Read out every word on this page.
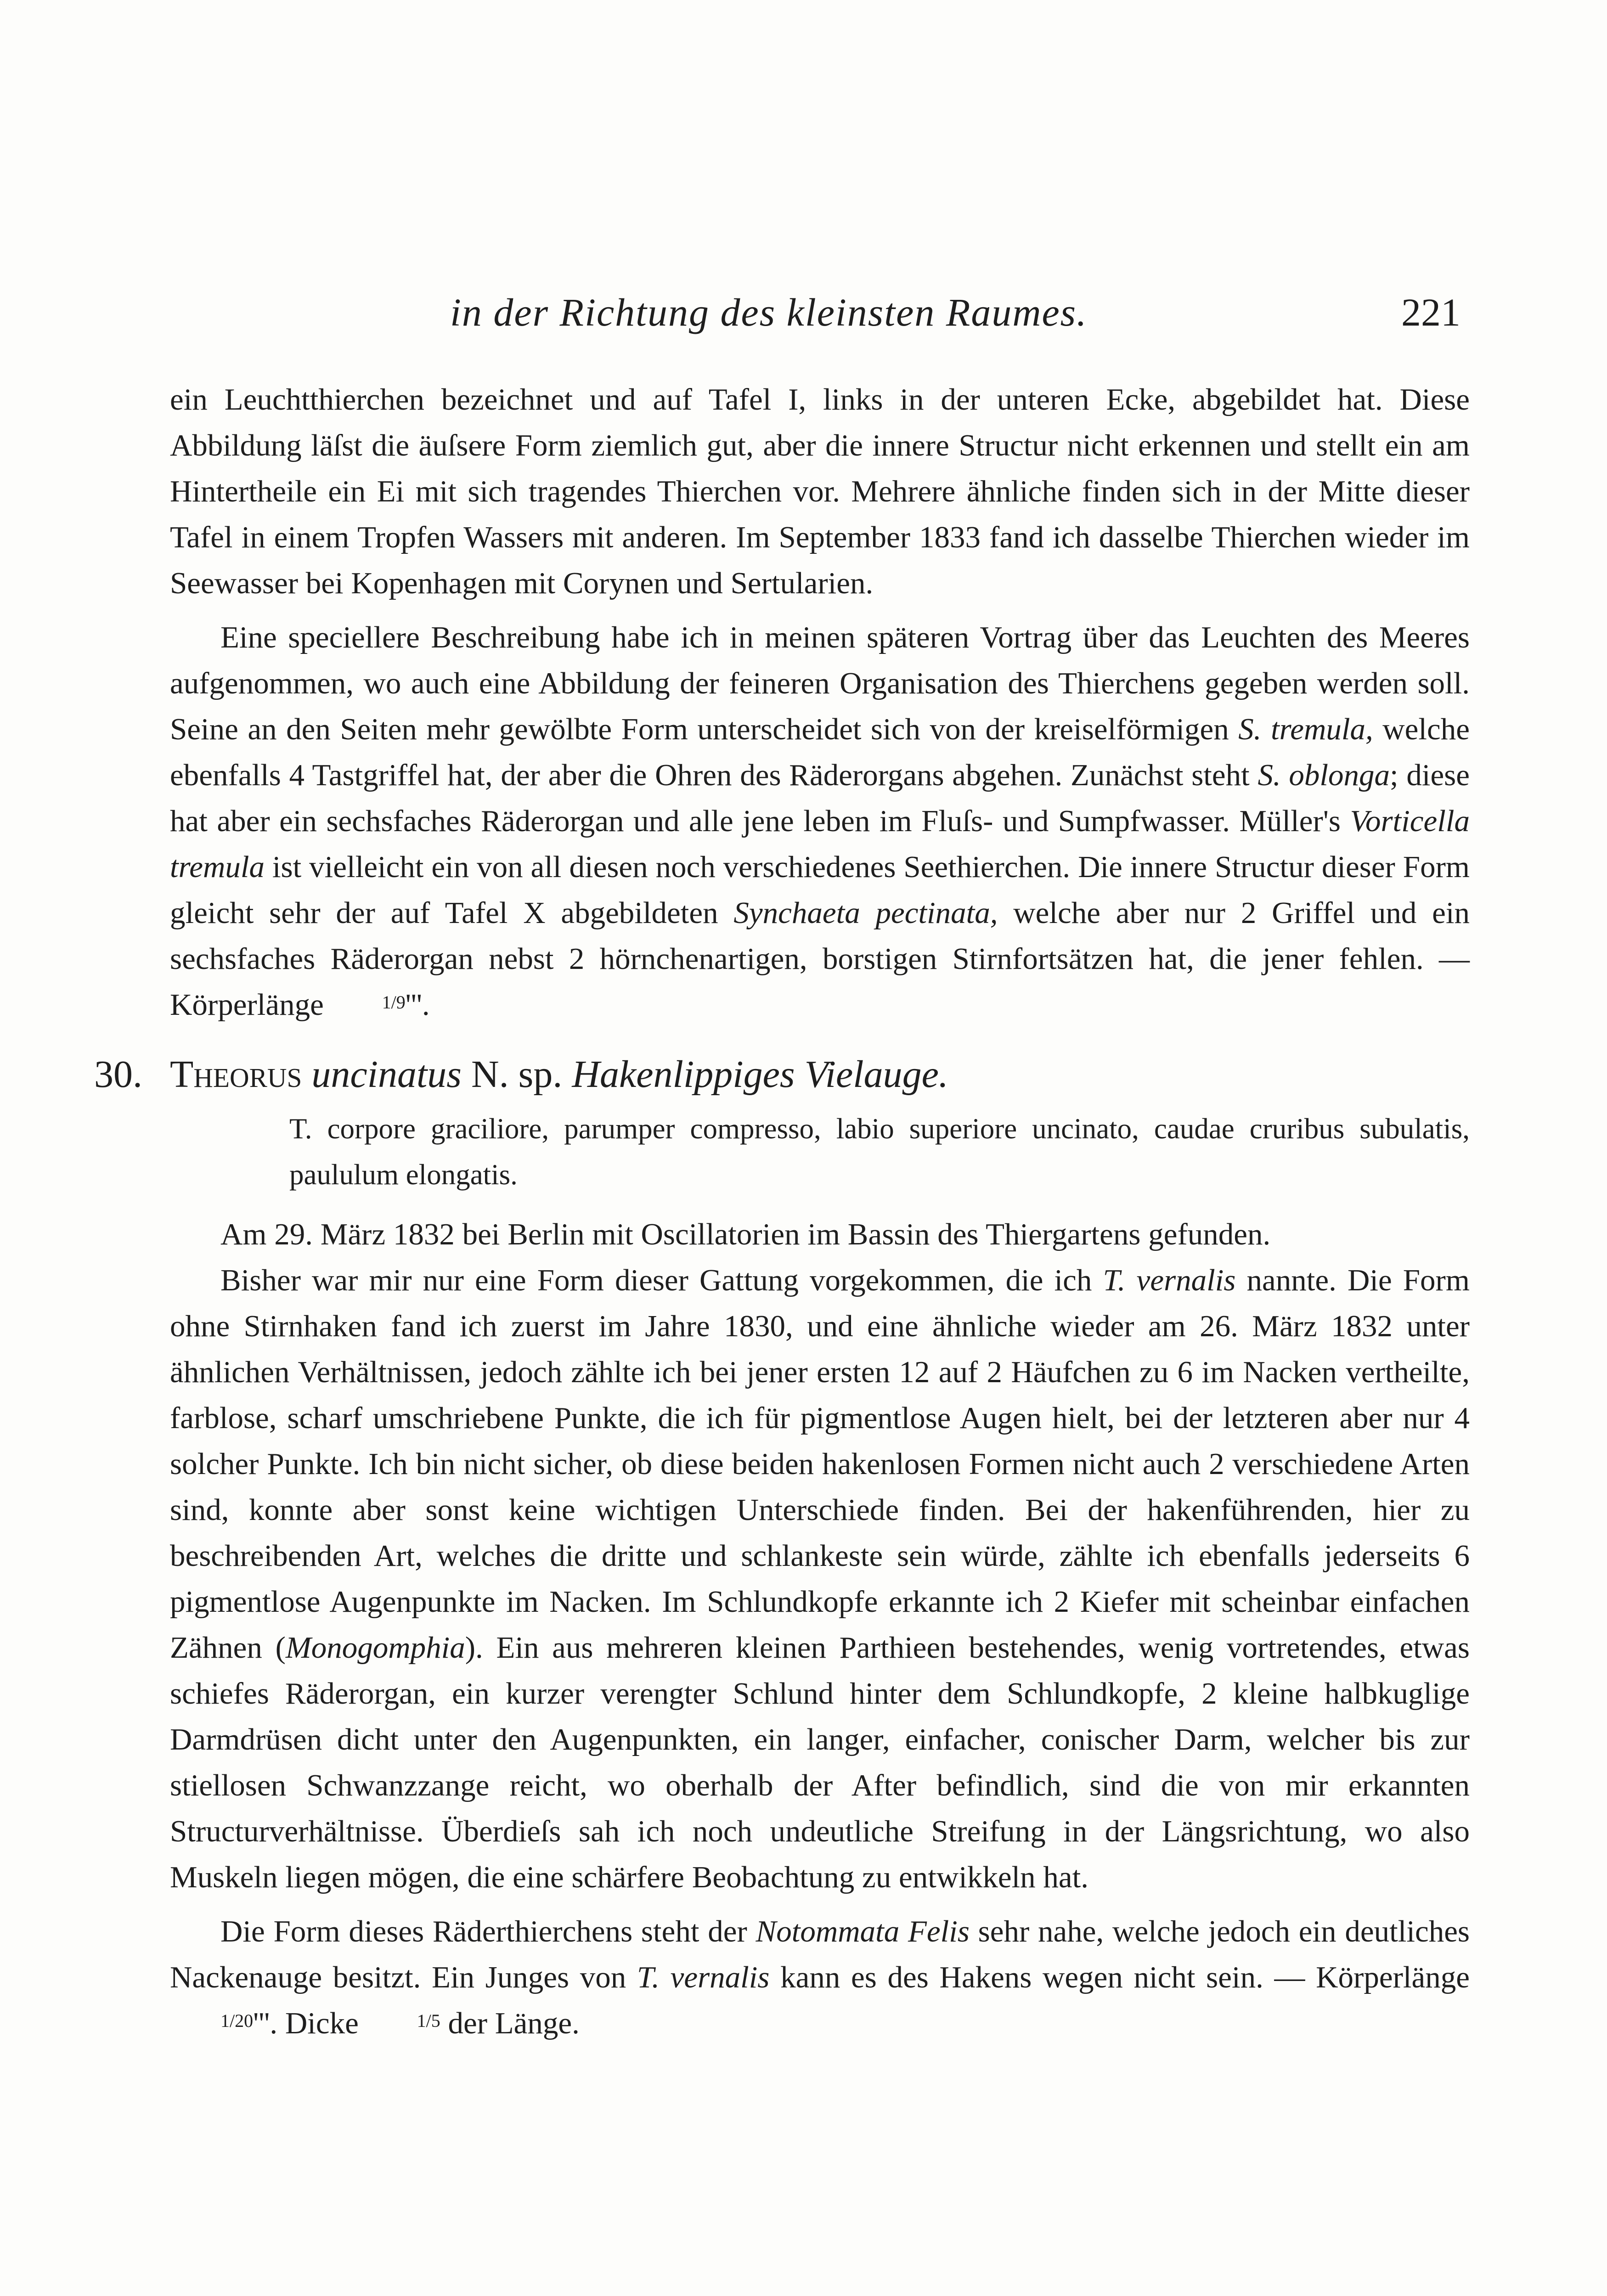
in der Richtung des kleinsten Raumes.	221

ein Leuchtthierchen bezeichnet und auf Tafel I, links in der unteren Ecke, abgebildet hat. Diese Abbildung läſst die äuſsere Form ziemlich gut, aber die innere Structur nicht erkennen und stellt ein am Hintertheile ein Ei mit sich tragendes Thierchen vor. Mehrere ähnliche finden sich in der Mitte dieser Tafel in einem Tropfen Wassers mit anderen. Im September 1833 fand ich dasselbe Thierchen wieder im Seewasser bei Kopenhagen mit Corynen und Sertularien.

Eine speciellere Beschreibung habe ich in meinen späteren Vortrag über das Leuchten des Meeres aufgenommen, wo auch eine Abbildung der feineren Organisation des Thierchens gegeben werden soll. Seine an den Seiten mehr gewölbte Form unterscheidet sich von der kreiselförmigen S. tremula, welche ebenfalls 4 Tastgriffel hat, der aber die Ohren des Räderorgans abgehen. Zunächst steht S. oblonga; diese hat aber ein sechsfaches Räderorgan und alle jene leben im Fluſs- und Sumpfwasser. Müller's Vorticella tremula ist vielleicht ein von all diesen noch verschiedenes Seethierchen. Die innere Structur dieser Form gleicht sehr der auf Tafel X abgebildeten Synchaeta pectinata, welche aber nur 2 Griffel und ein sechsfaches Räderorgan nebst 2 hörnchenartigen, borstigen Stirnfortsätzen hat, die jener fehlen. — Körperlänge	1/9'''.

30. Theorus uncinatus N. sp. Hakenlippiges Vielauge.

T. corpore graciliore, parumper compresso, labio superiore uncinato, caudae cruribus subulatis, paululum elongatis.

Am 29. März 1832 bei Berlin mit Oscillatorien im Bassin des Thiergartens gefunden.

Bisher war mir nur eine Form dieser Gattung vorgekommen, die ich T. vernalis nannte. Die Form ohne Stirnhaken fand ich zuerst im Jahre 1830, und eine ähnliche wieder am 26. März 1832 unter ähnlichen Verhältnissen, jedoch zählte ich bei jener ersten 12 auf 2 Häufchen zu 6 im Nacken vertheilte, farblose, scharf umschriebene Punkte, die ich für pigmentlose Augen hielt, bei der letzteren aber nur 4 solcher Punkte. Ich bin nicht sicher, ob diese beiden hakenlosen Formen nicht auch 2 verschiedene Arten sind, konnte aber sonst keine wichtigen Unterschiede finden. Bei der hakenführenden, hier zu beschreibenden Art, welches die dritte und schlankeste sein würde, zählte ich ebenfalls jederseits 6 pigmentlose Augenpunkte im Nacken. Im Schlundkopfe erkannte ich 2 Kiefer mit scheinbar einfachen Zähnen (Monogomphia). Ein aus mehreren kleinen Parthieen bestehendes, wenig vortretendes, etwas schiefes Räderorgan, ein kurzer verengter Schlund hinter dem Schlundkopfe, 2 kleine halbkuglige Darmdrüsen dicht unter den Augenpunkten, ein langer, einfacher, conischer Darm, welcher bis zur stiellosen Schwanzzange reicht, wo oberhalb der After befindlich, sind die von mir erkannten Structurverhältnisse. Überdieſs sah ich noch undeutliche Streifung in der Längsrichtung, wo also Muskeln liegen mögen, die eine schärfere Beobachtung zu entwikkeln hat.

Die Form dieses Räderthierchens steht der Notommata Felis sehr nahe, welche jedoch ein deutliches Nackenauge besitzt. Ein Junges von T. vernalis kann es des Hakens wegen nicht sein. — Körperlänge 1/20'''. Dicke	1/5 der Länge.
